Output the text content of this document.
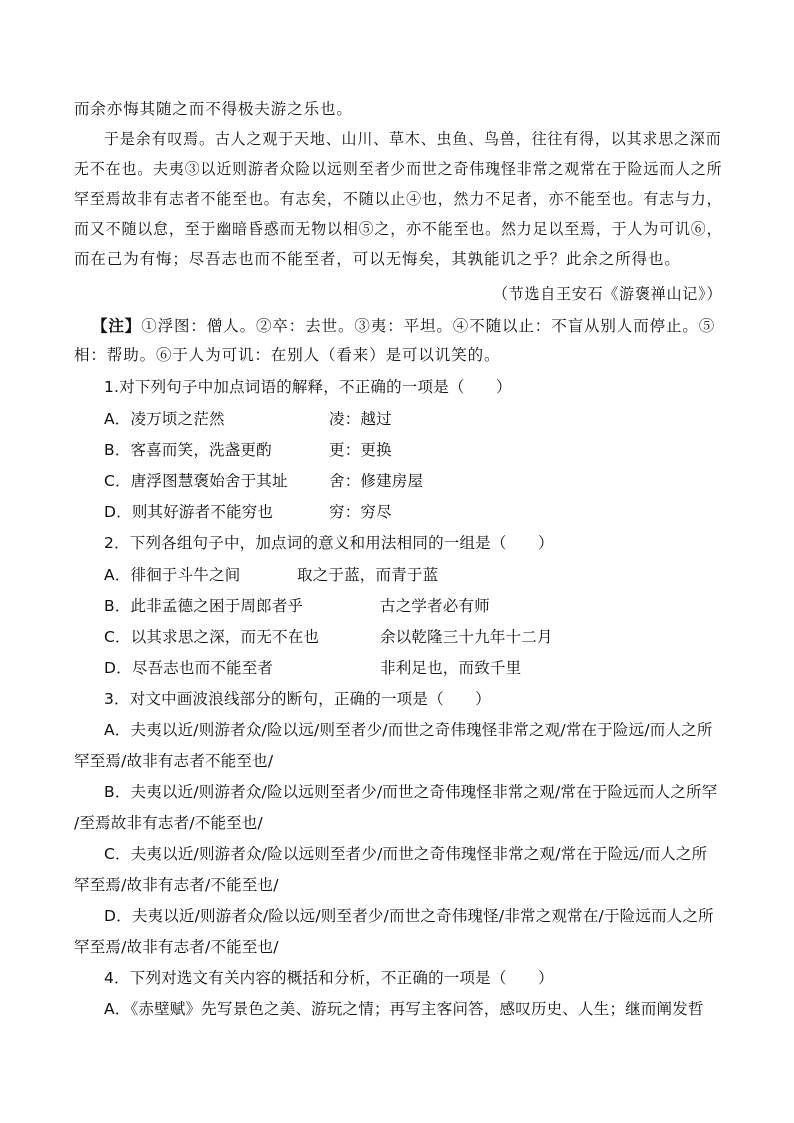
而余亦悔其随之而不得极夫游之乐也。
于是余有叹焉。古人之观于天地、山川、草木、虫鱼、鸟兽，往往有得，以其求思之深而
无不在也。夫夷③以近则游者众险以远则至者少而世之奇伟瑰怪非常之观常在于险远而人之所
罕至焉故非有志者不能至也。有志矣，不随以止④也，然力不足者，亦不能至也。有志与力，
而又不随以怠，至于幽暗昏惑而无物以相⑤之，亦不能至也。然力足以至焉，于人为可讥⑥，
而在己为有悔；尽吾志也而不能至者，可以无悔矣，其孰能讥之乎？此余之所得也。
（节选自王安石《游褒禅山记》）
【注】①浮图：僧人。②卒：去世。③夷：平坦。④不随以止：不盲从别人而停止。⑤
相：帮助。⑥于人为可讥：在别人（看来）是可以讥笑的。
1.对下列句子中加点词语的解释，不正确的一项是（　　）
A．凌万顷之茫然	凌：越过
B．客喜而笑，洗盏更酌	更：更换
C．唐浮图慧褒始舍于其址	舍：修建房屋
D．则其好游者不能穷也	穷：穷尽
2．下列各组句子中，加点词的意义和用法相同的一组是（　　）
A．徘徊于斗牛之间	取之于蓝，而青于蓝
B．此非孟德之困于周郎者乎	古之学者必有师
C．以其求思之深，而无不在也	余以乾隆三十九年十二月
D．尽吾志也而不能至者	非利足也，而致千里
3．对文中画波浪线部分的断句，正确的一项是（　　）
A．夫夷以近/则游者众/险以远/则至者少/而世之奇伟瑰怪非常之观/常在于险远/而人之所
罕至焉/故非有志者不能至也/
B．夫夷以近/则游者众/险以远则至者少/而世之奇伟瑰怪非常之观/常在于险远而人之所罕
/至焉故非有志者/不能至也/
C．夫夷以近/则游者众/险以远则至者少/而世之奇伟瑰怪非常之观/常在于险远/而人之所
罕至焉/故非有志者/不能至也/
D．夫夷以近/则游者众/险以远/则至者少/而世之奇伟瑰怪/非常之观常在/于险远而人之所
罕至焉/故非有志者/不能至也/
4．下列对选文有关内容的概括和分析，不正确的一项是（　　）
A．《赤壁赋》先写景色之美、游玩之情；再写主客问答，感叹历史、人生；继而阐发哲
